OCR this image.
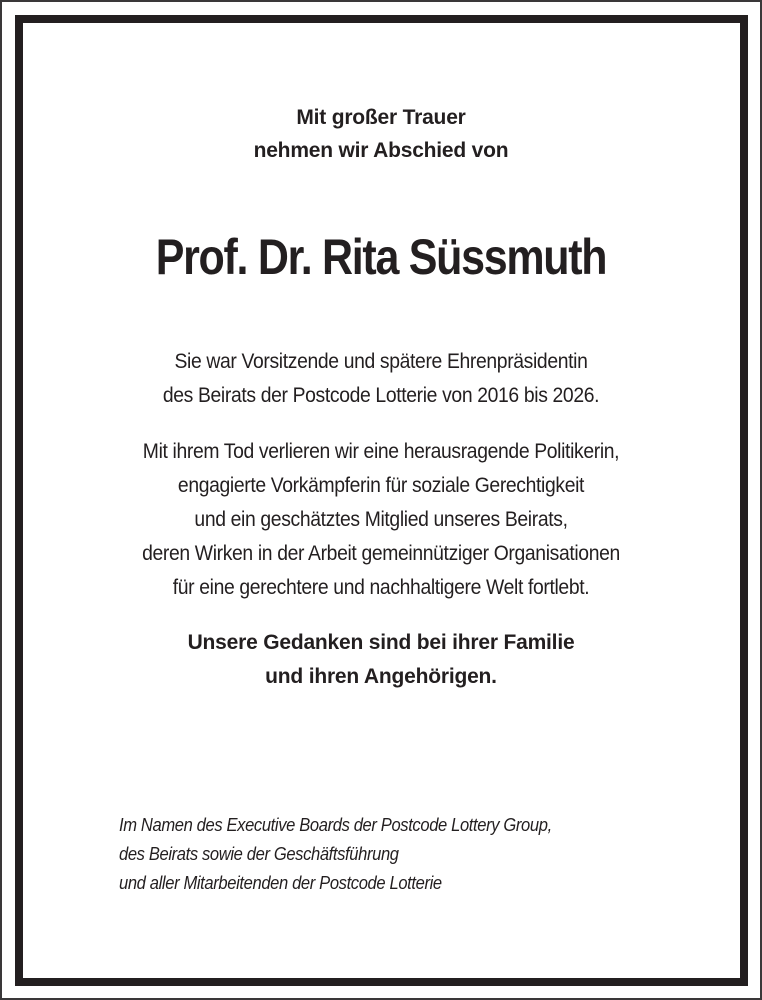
Mit großer Trauer
nehmen wir Abschied von
Prof. Dr. Rita Süssmuth
Sie war Vorsitzende und spätere Ehrenpräsidentin
des Beirats der Postcode Lotterie von 2016 bis 2026.
Mit ihrem Tod verlieren wir eine herausragende Politikerin,
engagierte Vorkämpferin für soziale Gerechtigkeit
und ein geschätztes Mitglied unseres Beirats,
deren Wirken in der Arbeit gemeinnütziger Organisationen
für eine gerechtere und nachhaltigere Welt fortlebt.
Unsere Gedanken sind bei ihrer Familie
und ihren Angehörigen.
Im Namen des Executive Boards der Postcode Lottery Group,
des Beirats sowie der Geschäftsführung
und aller Mitarbeitenden der Postcode Lotterie
